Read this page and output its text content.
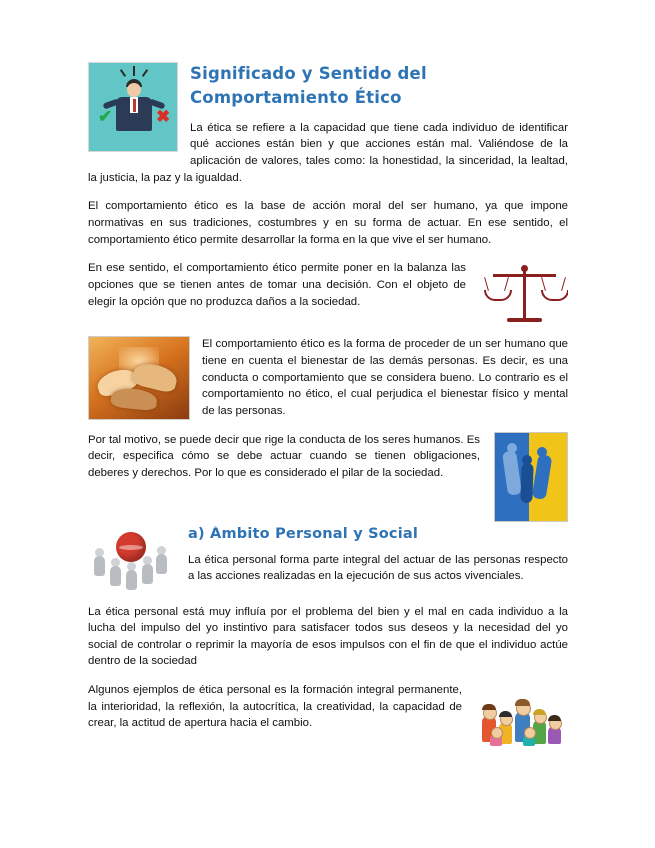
✔	✖
Significado y Sentido del
Comportamiento Ético

La ética se refiere a la capacidad que tiene cada individuo de identificar qué acciones están bien y que acciones están mal. Valiéndose de la aplicación de valores, tales como: la honestidad, la sinceridad, la lealtad, la justicia, la paz y la igualdad.

El comportamiento ético es la base de acción moral del ser humano, ya que impone normativas en sus tradiciones, costumbres y en su forma de actuar. En ese sentido, el comportamiento ético permite desarrollar la forma en la que vive el ser humano.

En ese sentido, el comportamiento ético permite poner en la balanza las opciones que se tienen antes de tomar una decisión. Con el objeto de elegir la opción que no produzca daños a la sociedad.

El comportamiento ético es la forma de proceder de un ser humano que tiene en cuenta el bienestar de las demás personas. Es decir, es una conducta o comportamiento que se considera bueno. Lo contrario es el comportamiento no ético, el cual perjudica el bienestar físico y mental de las personas.

Por tal motivo, se puede decir que rige la conducta de los seres humanos. Es decir, especifica cómo se debe actuar cuando se tienen obligaciones, deberes y derechos. Por lo que es considerado el pilar de la sociedad.

a) Ámbito Personal y Social

La ética personal forma parte integral del actuar de las personas respecto a las acciones realizadas en la ejecución de sus actos vivenciales.

La ética personal está muy influía por el problema del bien y el mal en cada individuo a la lucha del impulso del yo instintivo para satisfacer todos sus deseos y la necesidad del yo social de controlar o reprimir la mayoría de esos impulsos con el fin de que el individuo actúe dentro de la sociedad

Algunos ejemplos de ética personal es la formación integral permanente, la interioridad, la reflexión, la autocrítica, la creatividad, la capacidad de crear, la actitud de apertura hacia el cambio.
